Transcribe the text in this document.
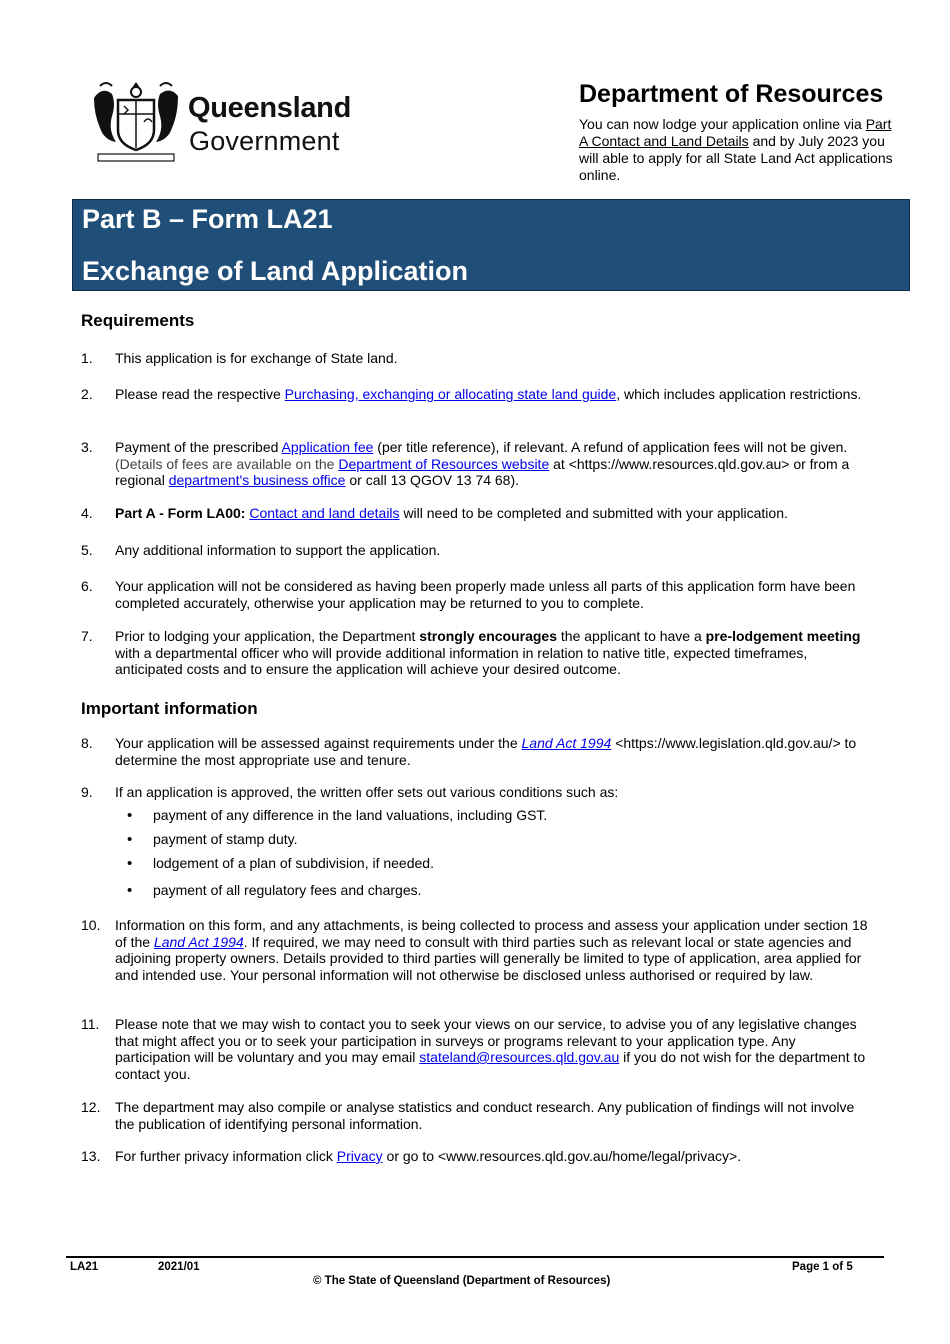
Queensland
Government
Department of Resources
You can now lodge your application online via Part A Contact and Land Details and by July 2023 you will able to apply for all State Land Act applications online.
Part B – Form LA21
Exchange of Land Application
Requirements
1.	This application is for exchange of State land.
2.	Please read the respective Purchasing, exchanging or allocating state land guide, which includes application restrictions.
3.	Payment of the prescribed Application fee (per title reference), if relevant. A refund of application fees will not be given. (Details of fees are available on the Department of Resources website at <https://www.resources.qld.gov.au> or from a regional department's business office or call 13 QGOV 13 74 68).
4.	Part A - Form LA00: Contact and land details will need to be completed and submitted with your application.
5.	Any additional information to support the application.
6.	Your application will not be considered as having been properly made unless all parts of this application form have been completed accurately, otherwise your application may be returned to you to complete.
7.	Prior to lodging your application, the Department strongly encourages the applicant to have a pre-lodgement meeting with a departmental officer who will provide additional information in relation to native title, expected timeframes, anticipated costs and to ensure the application will achieve your desired outcome.
Important information
8.	Your application will be assessed against requirements under the Land Act 1994 <https://www.legislation.qld.gov.au/> to determine the most appropriate use and tenure.
9.	If an application is approved, the written offer sets out various conditions such as:
• payment of any difference in the land valuations, including GST.
• payment of stamp duty.
• lodgement of a plan of subdivision, if needed.
• payment of all regulatory fees and charges.
10.	Information on this form, and any attachments, is being collected to process and assess your application under section 18 of the Land Act 1994. If required, we may need to consult with third parties such as relevant local or state agencies and adjoining property owners. Details provided to third parties will generally be limited to type of application, area applied for and intended use. Your personal information will not otherwise be disclosed unless authorised or required by law.
11.	Please note that we may wish to contact you to seek your views on our service, to advise you of any legislative changes that might affect you or to seek your participation in surveys or programs relevant to your application type. Any participation will be voluntary and you may email stateland@resources.qld.gov.au if you do not wish for the department to contact you.
12.	The department may also compile or analyse statistics and conduct research. Any publication of findings will not involve the publication of identifying personal information.
13.	For further privacy information click Privacy or go to <www.resources.qld.gov.au/home/legal/privacy>.
LA21	2021/01	Page 1 of 5
© The State of Queensland (Department of Resources)
